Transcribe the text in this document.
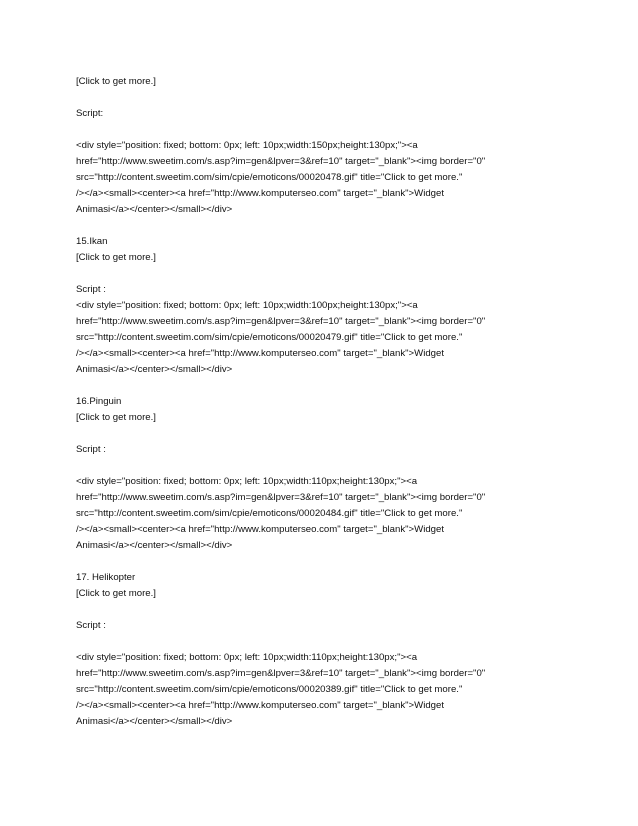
[Click to get more.]
Script:
<div style="position: fixed; bottom: 0px; left: 10px;width:150px;height:130px;"><a
href="http://www.sweetim.com/s.asp?im=gen&lpver=3&ref=10" target="_blank"><img border="0"
src="http://content.sweetim.com/sim/cpie/emoticons/00020478.gif" title="Click to get more."
/></a><small><center><a href="http://www.komputerseo.com" target="_blank">Widget
Animasi</a></center></small></div>
15.Ikan
[Click to get more.]
Script :
<div style="position: fixed; bottom: 0px; left: 10px;width:100px;height:130px;"><a
href="http://www.sweetim.com/s.asp?im=gen&lpver=3&ref=10" target="_blank"><img border="0"
src="http://content.sweetim.com/sim/cpie/emoticons/00020479.gif" title="Click to get more."
/></a><small><center><a href="http://www.komputerseo.com" target="_blank">Widget
Animasi</a></center></small></div>
16.Pinguin
[Click to get more.]
Script :
<div style="position: fixed; bottom: 0px; left: 10px;width:110px;height:130px;"><a
href="http://www.sweetim.com/s.asp?im=gen&lpver=3&ref=10" target="_blank"><img border="0"
src="http://content.sweetim.com/sim/cpie/emoticons/00020484.gif" title="Click to get more."
/></a><small><center><a href="http://www.komputerseo.com" target="_blank">Widget
Animasi</a></center></small></div>
17. Helikopter
[Click to get more.]
Script :
<div style="position: fixed; bottom: 0px; left: 10px;width:110px;height:130px;"><a
href="http://www.sweetim.com/s.asp?im=gen&lpver=3&ref=10" target="_blank"><img border="0"
src="http://content.sweetim.com/sim/cpie/emoticons/00020389.gif" title="Click to get more."
/></a><small><center><a href="http://www.komputerseo.com" target="_blank">Widget
Animasi</a></center></small></div>
